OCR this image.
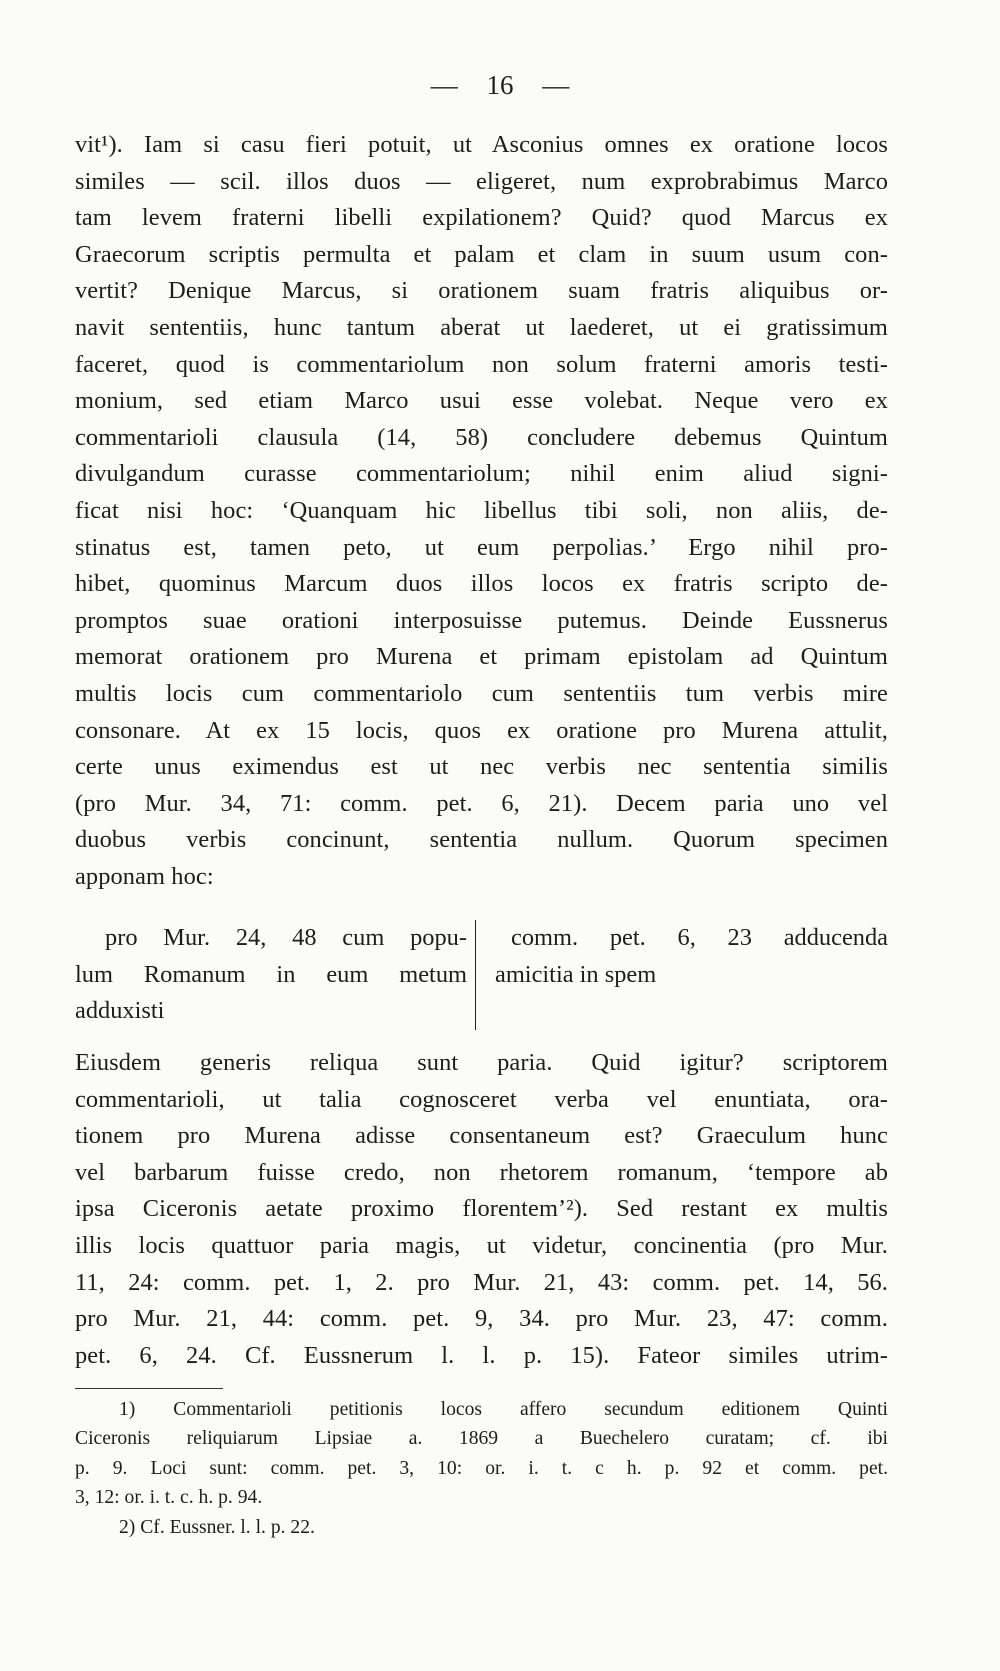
— 16 —
vit¹). Iam si casu fieri potuit, ut Asconius omnes ex oratione locos
similes — scil. illos duos — eligeret, num exprobrabimus Marco
tam levem fraterni libelli expilationem? Quid? quod Marcus ex
Graecorum scriptis permulta et palam et clam in suum usum con-
vertit? Denique Marcus, si orationem suam fratris aliquibus or-
navit sententiis, hunc tantum aberat ut laederet, ut ei gratissimum
faceret, quod is commentariolum non solum fraterni amoris testi-
monium, sed etiam Marco usui esse volebat. Neque vero ex
commentarioli clausula (14, 58) concludere debemus Quintum
divulgandum curasse commentariolum; nihil enim aliud signi-
ficat nisi hoc: ‘Quanquam hic libellus tibi soli, non aliis, de-
stinatus est, tamen peto, ut eum perpolias.’ Ergo nihil pro-
hibet, quominus Marcum duos illos locos ex fratris scripto de-
promptos suae orationi interposuisse putemus. Deinde Eussnerus
memorat orationem pro Murena et primam epistolam ad Quintum
multis locis cum commentariolo cum sententiis tum verbis mire
consonare. At ex 15 locis, quos ex oratione pro Murena attulit,
certe unus eximendus est ut nec verbis nec sententia similis
(pro Mur. 34, 71: comm. pet. 6, 21). Decem paria uno vel
duobus verbis concinunt, sententia nullum. Quorum specimen
apponam hoc:
pro Mur. 24, 48 cum popu-
lum Romanum in eum metum
adduxisti
comm. pet. 6, 23 adducenda
amicitia in spem
Eiusdem generis reliqua sunt paria. Quid igitur? scriptorem
commentarioli, ut talia cognosceret verba vel enuntiata, ora-
tionem pro Murena adisse consentaneum est? Graeculum hunc
vel barbarum fuisse credo, non rhetorem romanum, ‘tempore ab
ipsa Ciceronis aetate proximo florentem’²). Sed restant ex multis
illis locis quattuor paria magis, ut videtur, concinentia (pro Mur.
11, 24: comm. pet. 1, 2. pro Mur. 21, 43: comm. pet. 14, 56.
pro Mur. 21, 44: comm. pet. 9, 34. pro Mur. 23, 47: comm.
pet. 6, 24. Cf. Eussnerum l. l. p. 15). Fateor similes utrim-
1) Commentarioli petitionis locos affero secundum editionem Quinti
Ciceronis reliquiarum Lipsiae a. 1869 a Buechelero curatam; cf. ibi
p. 9. Loci sunt: comm. pet. 3, 10: or. i. t. c h. p. 92 et comm. pet.
3, 12: or. i. t. c. h. p. 94.
2) Cf. Eussner. l. l. p. 22.
